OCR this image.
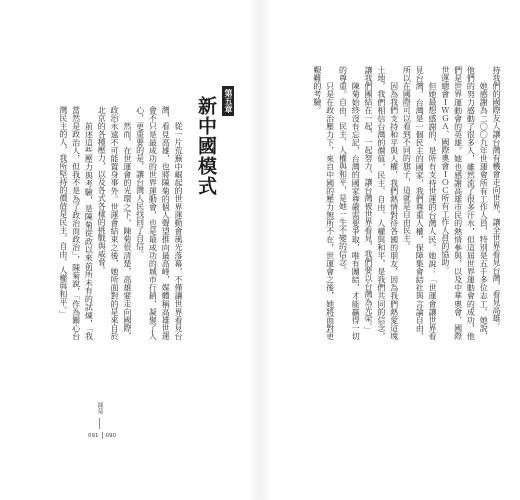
第五章
新中國模式

從一片荒蕪中崛起的世界運動會風光落幕，不僅讓世界看見台灣，看見高雄，也將陳菊的個人聲望推向最高峰，媒體稱高雄世運會不只是最成功的世界運動會，也是最成功的城市行銷，凝聚了人心，更重要的是，讓台灣人民找回了自信。

然而，在世運會的光環之下，陳菊很清楚，高雄要走向國際，政治永遠不可能置身事外。世運會結束之後，她所面對的是來自於北京的各種壓力，以及各式各樣的挑戰與威脅。

前述這些壓力與考驗，是陳菊從政以來前所未有的試煉，「我當然是政治人，但我不是為了政治而政治」，陳菊說，「作為關心台灣民主的人，我所堅持的價值是民主、自由、人權與和平。」

陳菊
091 090

持我們的國際友人讓台灣有機會走向世界，讓全世界看見台灣，看見高雄。

她感謝為二〇〇九年世運會所有工作人員，特別是五千多位志工。她說，他們的努力感動了很多人，雖然流了很多汗水，但這屆世界運動會的成功，他們是世界運動會的英雄。她也感謝高雄市民的熱情參與，以及中華奧會、國際世運總會ＩＷＧＡ、國際奧會ＩＯＣ所有工作人員的協助。

但她最想感謝的，是所有支持世運的台灣人民。她說：「世運會讓世界看見台灣，台灣是一個民主的國家，我們尊重人權，保障集會結社與言論自由，所以在國際可以看到不同的旗子，這就是自由民主。

因為我們支持和平與人權，我們熱情對待各國的朋友，因為我們熱愛這塊土地，我們相信台灣的價值，民主、自由、人權與和平，是我們共同的信念，讓我們團結在一起，一起努力，讓台灣被世界看見，我們要以台灣為光榮。」

陳菊始終沒有忘記，台灣的國家尊嚴需要爭取，唯有團結，才能贏得一切的尊重。自由、民主、人權與和平，是她一生不變的信念。

只是在政治壓力下，來自中國的壓力無所不在，世運會之後，她將面對更艱難的考驗。
